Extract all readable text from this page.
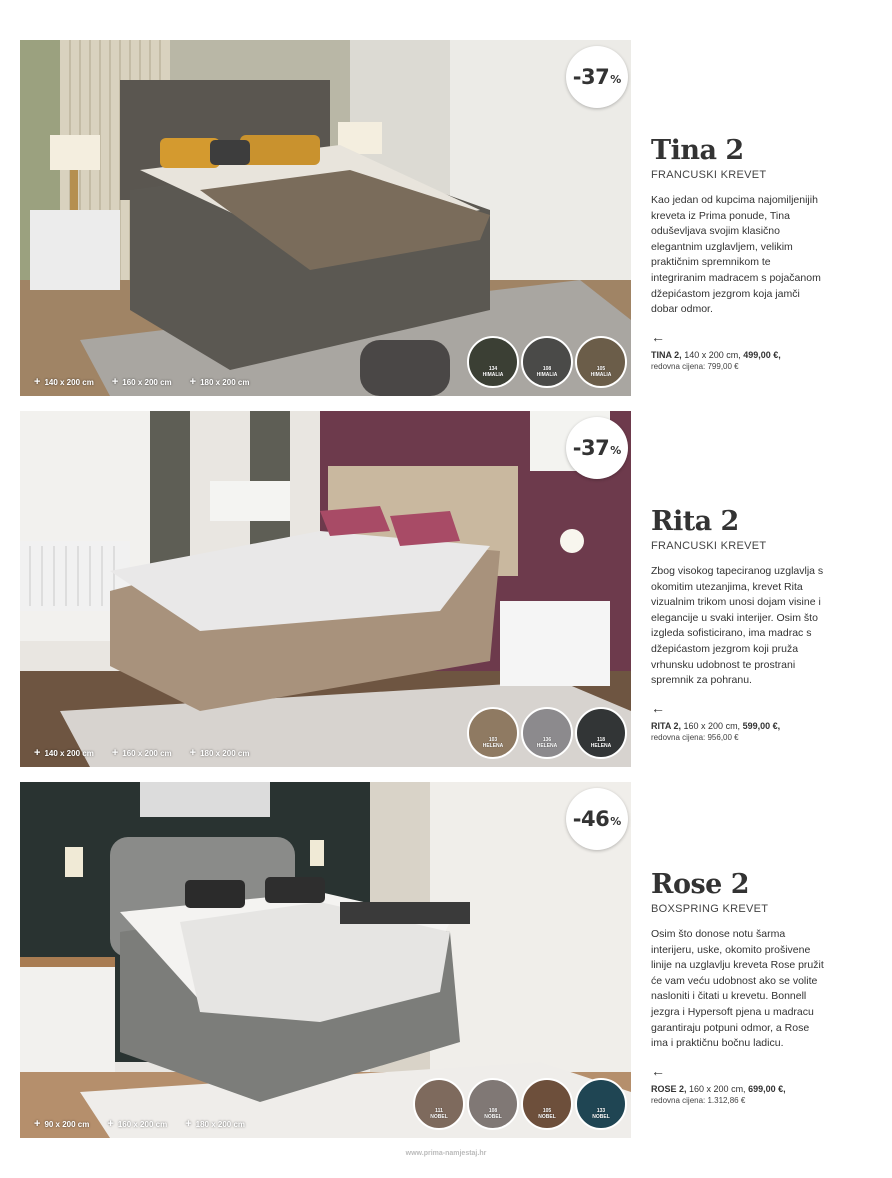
-37 %
+ 140 x 200 cm + 160 x 200 cm + 180 x 200 cm
134
HIMALIA
108
HIMALIA
105
HIMALIA
Tina 2
FRANCUSKI KREVET
Kao jedan od kupcima najomiljenijih kreveta iz Prima ponude, Tina oduševljava svojim klasično elegantnim uzglavljem, velikim praktičnim spremnikom te integriranim madracem s pojačanom džepićastom jezgrom koja jamči dobar odmor.
←
TINA 2, 140 x 200 cm, 499,00 €,
redovna cijena: 799,00 €
-37 %
+ 140 x 200 cm + 160 x 200 cm + 180 x 200 cm
103
HELENA
136
HELENA
118
HELENA
Rita 2
FRANCUSKI KREVET
Zbog visokog tapeciranog uzglavlja s okomitim utezanjima, krevet Rita vizualnim trikom unosi dojam visine i elegancije u svaki interijer. Osim što izgleda sofisticirano, ima madrac s džepićastom jezgrom koji pruža vrhunsku udobnost te prostrani spremnik za pohranu.
←
RITA 2, 160 x 200 cm, 599,00 €,
redovna cijena: 956,00 €
-46 %
+ 90 x 200 cm + 160 x 200 cm + 180 x 200 cm
111
NOBEL
108
NOBEL
105
NOBEL
133
NOBEL
Rose 2
BOXSPRING KREVET
Osim što donose notu šarma interijeru, uske, okomito prošivene linije na uzglavlju kreveta Rose pružit će vam veću udobnost ako se volite nasloniti i čitati u krevetu. Bonnell jezgra i Hypersoft pjena u madracu garantiraju potpuni odmor, a Rose ima i praktičnu bočnu ladicu.
←
ROSE 2, 160 x 200 cm, 699,00 €,
redovna cijena: 1.312,86 €
www.prima-namjestaj.hr
